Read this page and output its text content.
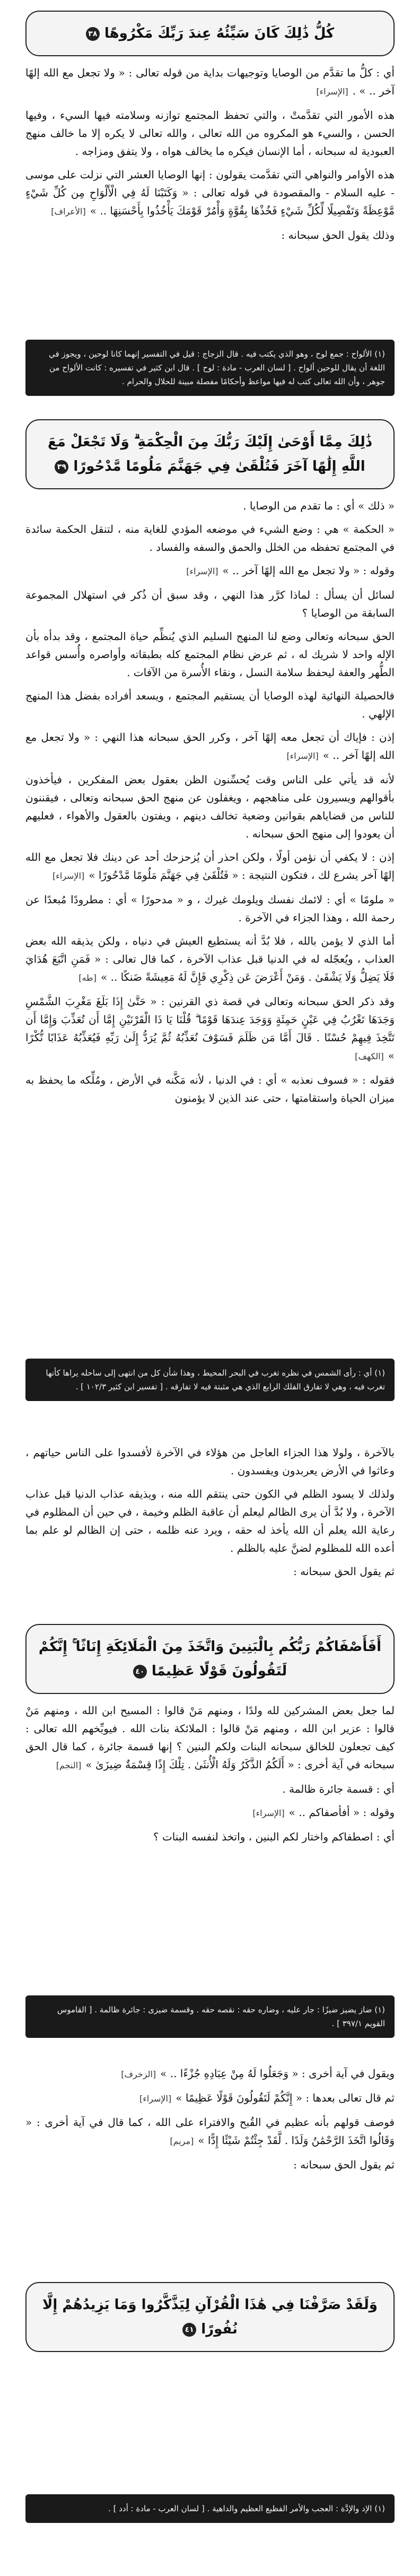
كُلُّ ذَٰلِكَ كَانَ سَيِّئُهُ عِندَ رَبِّكَ مَكْرُوهًا ٣٨

أي : كلُّ ما تقدَّم من الوصايا وتوجيهات بداية من قوله تعالى : « ولا تجعل مع الله إلهًا آخر .. » .[الإسراء]

هذه الأمور التي تقدَّمتْ ، والتي تحفظ المجتمع توازنه وسلامته فيها السيء ، وفيها الحسن ، والسيء هو المكروه من الله تعالى ، والله تعالى لا يكره إلا ما خالف منهج العبودية له سبحانه ، أما الإنسان فيكره ما يخالف هواه ، ولا يتفق ومزاجه .

هذه الأوامر والنواهي التي تقدَّمت يقولون : إنها الوصايا العشر التي نزلت على موسى - عليه السلام - والمقصودة في قوله تعالى : « وَكَتَبْنَا لَهُ فِي الْأَلْوَاحِ مِن كُلِّ شَيْءٍ مَّوْعِظَةً وَتَفْصِيلًا لِّكُلِّ شَيْءٍ فَخُذْهَا بِقُوَّةٍ وَأْمُرْ قَوْمَكَ يَأْخُذُوا بِأَحْسَنِهَا .. »[الأعراف]

وذلك يقول الحق سبحانه :

(١) الألواح : جمع لوح ، وهو الذي يكتب فيه . قال الزجاج : قيل في التفسير إنهما كانا لوحين ، ويجوز في اللغة أن يقال للوحين ألواح . [ لسان العرب - مادة : لوح ] . قال ابن كثير في تفسيره : كانت الألواح من جوهر ، وأن الله تعالى كتب له فيها مواعظ وأحكامًا مفصلة مبينة للحلال والحرام .
ذَٰلِكَ مِمَّا أَوْحَىٰ إِلَيْكَ رَبُّكَ مِنَ الْحِكْمَةِ ۗ وَلَا تَجْعَلْ مَعَ اللَّهِ إِلَٰهًا آخَرَ فَتُلْقَىٰ فِي جَهَنَّمَ مَلُومًا مَّدْحُورًا ٣٩

« ذلك » أي : ما تقدم من الوصايا .

« الحكمة » هي : وضع الشيء في موضعه المؤدي للغاية منه ، لتنقل الحكمة سائدة في المجتمع تحفظه من الخلل والحمق والسفه والفساد .

وقوله : « ولا تجعل مع الله إلهًا آخر .. »[الإسراء]

لسائل أن يسأل : لماذا كرَّر هذا النهي ، وقد سبق أن ذُكر في استهلال المجموعة السابقة من الوصايا ؟

الحق سبحانه وتعالى وضع لنا المنهج السليم الذي يُنظِّم حياة المجتمع ، وقد بدأه بأن الإله واحد لا شريك له ، ثم عرض نظام المجتمع كله بطبقاته وأواصره وأُسس قواعد الطُّهر والعفة ليحفظ سلامة النسل ، ونقاء الأُسرة من الآفات .

فالحصيلة النهائية لهذه الوصايا أن يستقيم المجتمع ، ويسعد أفراده بفضل هذا المنهج الإلهي .

إذن : فإياك أن تجعل معه إلهًا آخر ، وكرر الحق سبحانه هذا النهي : « ولا تجعل مع الله إلهًا آخر .. »[الإسراء]

لأنه قد يأتي على الناس وقت يُحسِّنون الظن بعقول بعض المفكرين ، فيأخذون بأقوالهم ويسيرون على مناهجهم ، ويغفلون عن منهج الحق سبحانه وتعالى ، فيقننون للناس من قضاياهم بقوانين وضعية تخالف دينهم ، ويفتون بالعقول والأهواء ، فعليهم أن يعودوا إلى منهج الحق سبحانه .

إذن : لا يكفي أن نؤمن أولًا ، ولكن احذر أن يُزحزحك أحد عن دينك فلا تجعل مع الله إلهًا آخر يشرع لك ، فتكون النتيجة : « فَتُلْقَىٰ فِي جَهَنَّمَ مَلُومًا مَّدْحُورًا »[الإسراء]

« ملومًا » أي : لائمك نفسك ويلومك غيرك ، و « مدحورًا » أي : مطرودًا مُبعدًا عن رحمة الله ، وهذا الجزاء في الآخرة .

أما الذي لا يؤمن بالله ، فلا بُدَّ أنه يستطيع العيش في دنياه ، ولكن يذيقه الله بعض العذاب ، ويُعجّله له في الدنيا قبل عذاب الآخرة ، كما قال تعالى : « فَمَنِ اتَّبَعَ هُدَايَ فَلَا يَضِلُّ وَلَا يَشْقَىٰ . وَمَنْ أَعْرَضَ عَن ذِكْرِي فَإِنَّ لَهُ مَعِيشَةً ضَنكًا .. »[طه]

وقد ذكر الحق سبحانه وتعالى في قصة ذي القرنين : « حَتَّىٰ إِذَا بَلَغَ مَغْرِبَ الشَّمْسِ وَجَدَهَا تَغْرُبُ فِي عَيْنٍ حَمِئَةٍ وَوَجَدَ عِندَهَا قَوْمًا ۗ قُلْنَا يَا ذَا الْقَرْنَيْنِ إِمَّا أَن تُعَذِّبَ وَإِمَّا أَن تَتَّخِذَ فِيهِمْ حُسْنًا . قَالَ أَمَّا مَن ظَلَمَ فَسَوْفَ نُعَذِّبُهُ ثُمَّ يُرَدُّ إِلَىٰ رَبِّهِ فَيُعَذِّبُهُ عَذَابًا نُّكْرًا »[الكهف]

فقوله : « فسوف نعذبه » أي : في الدنيا ، لأنه مَكَّنه في الأرض ، ومُلِّكه ما يحفظ به ميزان الحياة واستقامتها ، حتى عند الذين لا يؤمنون

(١) أي : رأى الشمس في نظره تغرب في البحر المحيط ، وهذا شأن كل من انتهى إلى ساحله يراها كأنها تغرب فيه ، وهي لا تفارق الفلك الرابع الذي هي مثبتة فيه لا تفارقه . [ تفسير ابن كثير ١٠٢/٣ ] .

بالآخرة ، ولولا هذا الجزاء العاجل من هؤلاء في الآخرة لأفسدوا على الناس حياتهم ، وعاثوا في الأرض يعربدون ويفسدون .

ولذلك لا يسود الظلم في الكون حتى ينتقم الله منه ، ويذيقه عذاب الدنيا قبل عذاب الآخرة ، ولا بُدَّ أن يرى الظالم ليعلم أن عاقبة الظلم وخيمة ، في حين أن المظلوم في رعاية الله يعلم أن الله يأخذ له حقه ، ويرد عنه ظلمه ، حتى إن الظالم لو علم بما أعده الله للمظلوم لضنَّ عليه بالظلم .

ثم يقول الحق سبحانه :

أَفَأَصْفَاكُمْ رَبُّكُم بِالْبَنِينَ وَاتَّخَذَ مِنَ الْمَلَائِكَةِ إِنَاثًا ۚ إِنَّكُمْ لَتَقُولُونَ قَوْلًا عَظِيمًا ٤٠

لما جعل بعض المشركين لله ولدًا ، ومنهم مَنْ قالوا : المسيح ابن الله ، ومنهم مَنْ قالوا : عزير ابن الله ، ومنهم مَنْ قالوا : الملائكة بنات الله . فيوبِّخهم الله تعالى : كيف تجعلون للخالق سبحانه البنات ولكم البنين ؟ إنها قسمة جائرة ، كما قال الحق سبحانه في آية أخرى : « أَلَكُمُ الذَّكَرُ وَلَهُ الْأُنثَىٰ . تِلْكَ إِذًا قِسْمَةٌ ضِيزَىٰ »[النجم]

أي : قسمة جائرة ظالمة .

وقوله : « أفأصفاكم .. »[الإسراء]

أي : اصطفاكم واختار لكم البنين ، واتخذ لنفسه البنات ؟

(١) ضاز يضيز ضيزًا : جار عليه ، وضاره حقه : نقصه حقه . وقسمة ضيزى : جائرة ظالمة . [ القاموس القويم ٣٩٧/١ ] .

ويقول في آية أخرى : « وَجَعَلُوا لَهُ مِنْ عِبَادِهِ جُزْءًا .. »[الزخرف]

ثم قال تعالى بعدها : « إِنَّكُمْ لَتَقُولُونَ قَوْلًا عَظِيمًا »[الإسراء]

فوصف قولهم بأنه عظيم في القُبح والافتراء على الله ، كما قال في آية أخرى : « وَقَالُوا اتَّخَذَ الرَّحْمَٰنُ وَلَدًا . لَّقَدْ جِئْتُمْ شَيْئًا إِدًّا »[مريم]

ثم يقول الحق سبحانه :

وَلَقَدْ صَرَّفْنَا فِي هَٰذَا الْقُرْآنِ لِيَذَّكَّرُوا وَمَا يَزِيدُهُمْ إِلَّا نُفُورًا ٤١
(١) الإد والإدَّة : العجب والأمر الفظيع العظيم والداهية . [ لسان العرب - مادة : أدد ] .
